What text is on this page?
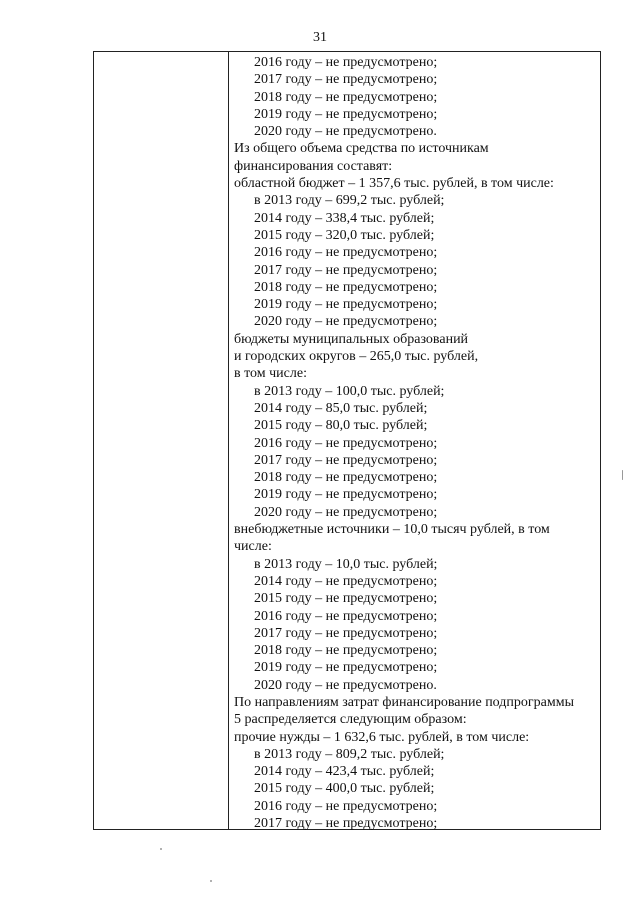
31
2016 году – не предусмотрено;
2017 году – не предусмотрено;
2018 году – не предусмотрено;
2019 году – не предусмотрено;
2020 году – не предусмотрено.
Из общего объема средства по источникам
финансирования составят:
областной бюджет – 1 357,6 тыс. рублей, в том числе:
в 2013 году – 699,2 тыс. рублей;
2014 году – 338,4 тыс. рублей;
2015 году – 320,0 тыс. рублей;
2016 году – не предусмотрено;
2017 году – не предусмотрено;
2018 году – не предусмотрено;
2019 году – не предусмотрено;
2020 году – не предусмотрено;
бюджеты муниципальных образований
и городских округов – 265,0 тыс. рублей,
в том числе:
в 2013 году – 100,0 тыс. рублей;
2014 году – 85,0 тыс. рублей;
2015 году – 80,0 тыс. рублей;
2016 году – не предусмотрено;
2017 году – не предусмотрено;
2018 году – не предусмотрено;
2019 году – не предусмотрено;
2020 году – не предусмотрено;
внебюджетные источники – 10,0 тысяч рублей, в том
числе:
в 2013 году – 10,0 тыс. рублей;
2014 году – не предусмотрено;
2015 году – не предусмотрено;
2016 году – не предусмотрено;
2017 году – не предусмотрено;
2018 году – не предусмотрено;
2019 году – не предусмотрено;
2020 году – не предусмотрено.
По направлениям затрат финансирование подпрограммы
5 распределяется следующим образом:
прочие нужды – 1 632,6 тыс. рублей, в том числе:
в 2013 году – 809,2 тыс. рублей;
2014 году – 423,4 тыс. рублей;
2015 году – 400,0 тыс. рублей;
2016 году – не предусмотрено;
2017 году – не предусмотрено;
